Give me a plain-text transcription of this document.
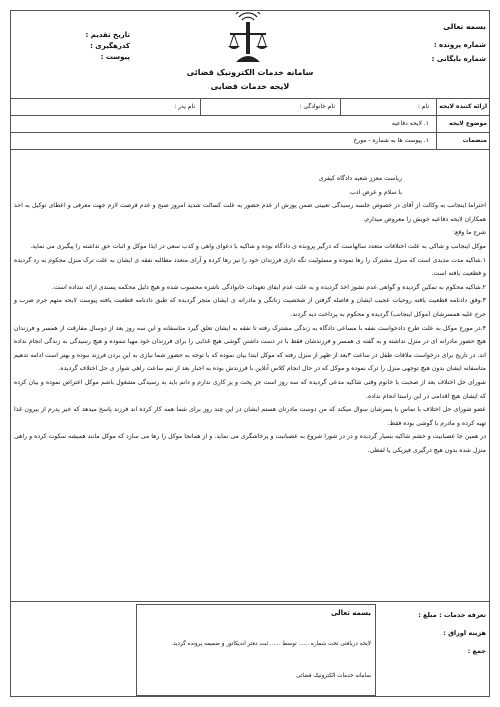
بسمه تعالی
شماره پرونده :
شماره بایگانی :
تاریخ تقدیم :
کدرهگیری :
پیوست :
سامانه خدمات الکترونیک قضائی
لایحه خدمات قضایی
ارائه کننده لایحه
نام :
نام خانوادگی :
نام پدر :
موضوع لایحه
۱. لایحه دفاعیه
منضمات
۱. پیوست ها به شماره - مورخ

ریاست معزز شعبه دادگاه کیفری

با سلام و عرض ادب

احتراما اینجانب به وکالت از آقای در خصوص جلسه رسیدگی تعیینی ضمن پوزش از عدم حضور به علت کسالت شدید امروز صبح و عدم فرصت لازم جهت معرفی و اعطای توکیل به احد همکاران لایحه دفاعیه خویش را معروض میدارم.

شرح ما وقع:

موکل اینجانب و شاکی به علت اختلافات متعدد سالهاست که درگیر پرونده ی دادگاه بوده و شاکیه با دعوای واهی و کذب سعی در ایذا موکل و اثبات حق نداشته را پیگیری می نماید.

۱.شاکیه مدت مدیدی است که منزل مشترک را رها نموده و مسئولیت نگه داری فرزندان خود را نیز رها کرده و آرای متعدد مطالبه نفقه ی ایشان به علت ترک منزل محکوم به رد گردیده و قطعیت یافته است.

۲.شاکیه محکوم به تمکین گردیده و گواهی عدم نشوز اخذ گردیده و به علت عدم ایفای تعهدات خانوادگی ناشزه محسوب شده و هیچ دلیل محکمه پسندی ارائه ننداده است.

۳.وفق دادنامه قطعیت یافته روحیات عجیب ایشان و فاصله گرفتن از شخصیت زنانگی و مادرانه ی ایشان منجر گردیده که طبق دادنامه قطعیت یافته پیوست لایحه متهم جرم ضرب و جرح علیه همسرشان (موکل اینجانب) گردیده و محکوم به پرداخت دیه گردند.

۴.در مورخ موکل به علت طرح دادخواست نفقه با مساعی دادگاه به زندگی مشترک رفته تا نفقه به ایشان تعلق گیرد متاسفانه و این سه روز بعد از دوسال مفارقت از همسر و فرزندان هیچ حضور مادرانه ای در منزل نداشته و به گفته ی همسر و فرزندشان فقط با در دست داشتن گوشی هیچ غذایی را برای فرزندان خود مهیا ننموده و هیچ رسیدگی به زندگی انجام نداده اند. در تاریخ برای درخواست ملاقات طفل در ساعت ۳بعد از ظهر از منزل رفته که موکل ابتدا بیان نموده که با توجه به حضور شما نیازی به این بردن فرزند نبوده و بهتر است ادامه تدهیم متاسفانه ایشان بدون هیچ توجهی منزل را ترک نموده و موکل که در حال انجام کلاس آنلاین با فرزندش بوده به اجبار بعد از نیم ساعت راهی شوار ی حل اختلاف گردیده.

شورای حل اختلاف بعد از صحبت با خانوم وقتی شاکیه مدعی گردیده که سه روز است جز پخت و پز کاری ندارم و دانم باید به رسیدگی مشغول باشم موکل اعتراض نموده و بیان کرده که ایشان هیچ اقدامی در این راستا انجام نداده.

عضو شورای حل اختلاف با تماس با پسرشان سوال میکند که من دوست مادرتان هستم ایشان در این چند روز برای شما همه کار کرده اند فرزند پاسخ میدهد که خیر پدرم از بیرون غذا تهیه کرده و مادرم با گوشی بوده فقط.

در همین جا عصبانیت و خشم شاکیه بسیار گردیده و در در شورا شروع به عصبانیت و پرخاشگری می نماید. و از همانجا موکل را رها می سازد که موکل مانند همیشه سکوت کرده و راهی منزل شده بدون هیچ درگیری فیزیکی یا لفظی.

تعرفه خدمات : مبلغ :
هزینه اوراق :
جمع :
بسمه تعالی
لایحه دریافتی تحت شماره ...... توسط ...... ثبت دفتر اندیکاتور و ضمیمه پرونده گردید.
سامانه خدمات الکترونیک قضائی
